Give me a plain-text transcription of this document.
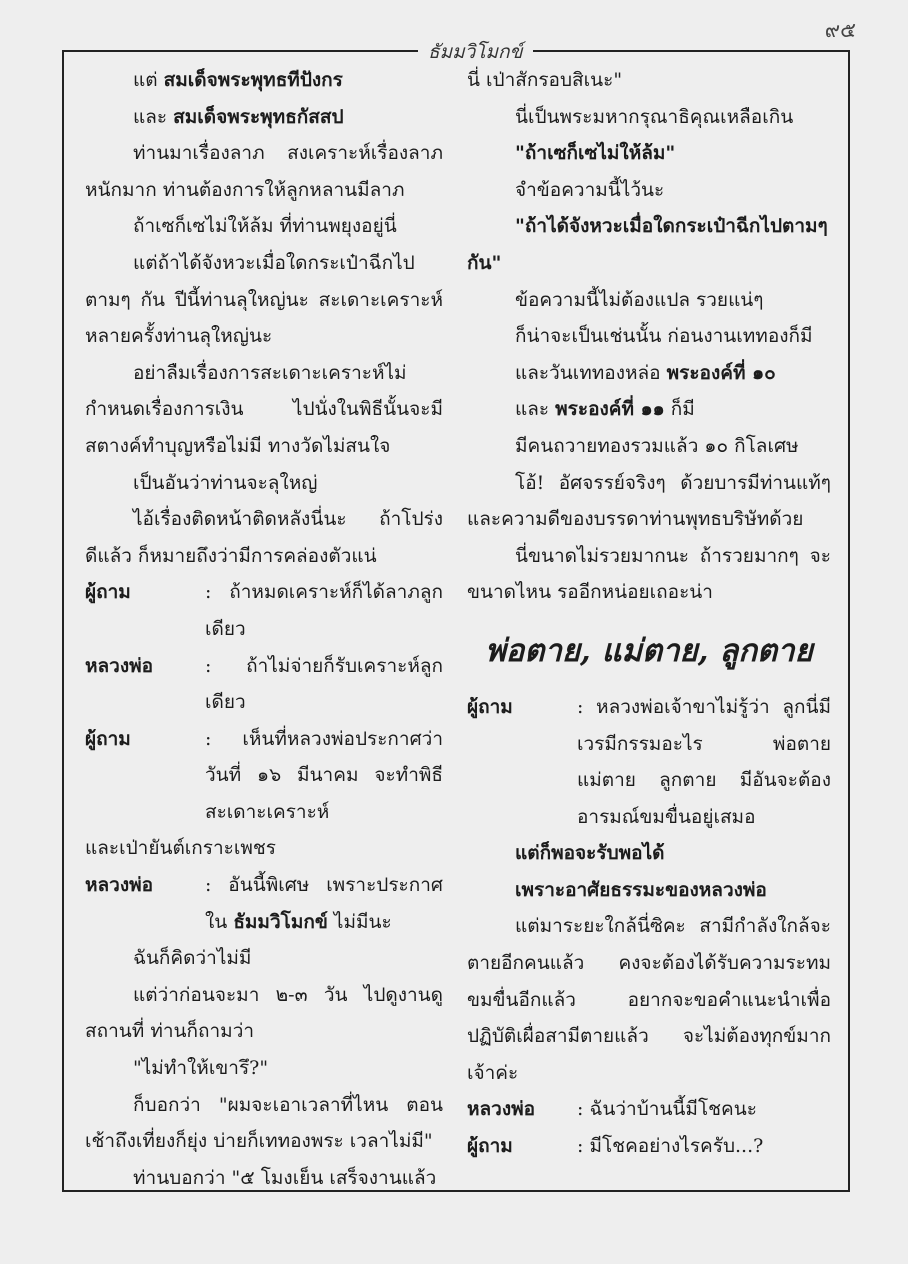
๙๕
ธัมมวิโมกข์

แต่ สมเด็จพระพุทธทีปังกร

และ สมเด็จพระพุทธกัสสป

ท่านมาเรื่องลาภ สงเคราะห์เรื่องลาภหนักมาก ท่านต้องการให้ลูกหลานมีลาภ

ถ้าเซก็เซไม่ให้ล้ม ที่ท่านพยุงอยู่นี่

แต่ถ้าได้จังหวะเมื่อใดกระเป๋าฉีกไปตามๆ กัน ปีนี้ท่านลุใหญ่นะ สะเดาะเคราะห์หลายครั้งท่านลุใหญ่นะ

อย่าลืมเรื่องการสะเดาะเคราะห์ไม่กำหนดเรื่องการเงิน ไปนั่งในพิธีนั้นจะมีสตางค์ทำบุญหรือไม่มี ทางวัดไม่สนใจ

เป็นอันว่าท่านจะลุใหญ่

ไอ้เรื่องติดหน้าติดหลังนี่นะ ถ้าโปร่งดีแล้ว ก็หมายถึงว่ามีการคล่องตัวแน่

ผู้ถาม	: ถ้าหมดเคราะห์ก็ได้ลาภลูกเดียว

หลวงพ่อ	: ถ้าไม่จ่ายก็รับเคราะห์ลูกเดียว

ผู้ถาม	: เห็นที่หลวงพ่อประกาศว่า วันที่ ๑๖ มีนาคม จะทำพิธีสะเดาะเคราะห์

และเป่ายันต์เกราะเพชร

หลวงพ่อ	: อันนี้พิเศษ เพราะประกาศใน ธัมมวิโมกข์ ไม่มีนะ

ฉันก็คิดว่าไม่มี

แต่ว่าก่อนจะมา ๒-๓ วัน ไปดูงานดูสถานที่ ท่านก็ถามว่า

"ไม่ทำให้เขารึ?"

ก็บอกว่า "ผมจะเอาเวลาที่ไหน ตอนเช้าถึงเที่ยงก็ยุ่ง บ่ายก็เททองพระ เวลาไม่มี"

ท่านบอกว่า "๕ โมงเย็น เสร็จงานแล้ว

นี่ เป่าสักรอบสิเนะ"

นี่เป็นพระมหากรุณาธิคุณเหลือเกิน

"ถ้าเซก็เซไม่ให้ล้ม"

จำข้อความนี้ไว้นะ

"ถ้าได้จังหวะเมื่อใดกระเป๋าฉีกไปตามๆ กัน"

ข้อความนี้ไม่ต้องแปล รวยแน่ๆ

ก็น่าจะเป็นเช่นนั้น ก่อนงานเททองก็มี

และวันเททองหล่อ พระองค์ที่ ๑๐

และ พระองค์ที่ ๑๑ ก็มี

มีคนถวายทองรวมแล้ว ๑๐ กิโลเศษ

โอ้! อัศจรรย์จริงๆ ด้วยบารมีท่านแท้ๆ และความดีของบรรดาท่านพุทธบริษัทด้วย

นี่ขนาดไม่รวยมากนะ ถ้ารวยมากๆ จะขนาดไหน รออีกหน่อยเถอะน่า

พ่อตาย, แม่ตาย, ลูกตาย

ผู้ถาม	: หลวงพ่อเจ้าขาไม่รู้ว่า ลูกนี่มีเวรมีกรรมอะไร พ่อตาย แม่ตาย ลูกตาย มีอันจะต้องอารมณ์ขมขื่นอยู่เสมอ

แต่ก็พอจะรับพอได้

เพราะอาศัยธรรมะของหลวงพ่อ

แต่มาระยะใกล้นี่ซิคะ สามีกำลังใกล้จะตายอีกคนแล้ว คงจะต้องได้รับความระทมขมขื่นอีกแล้ว อยากจะขอคำแนะนำเพื่อปฏิบัติเผื่อสามีตายแล้ว จะไม่ต้องทุกข์มากเจ้าค่ะ

หลวงพ่อ : ฉันว่าบ้านนี้มีโชคนะ

ผู้ถาม	: มีโชคอย่างไรครับ...?
